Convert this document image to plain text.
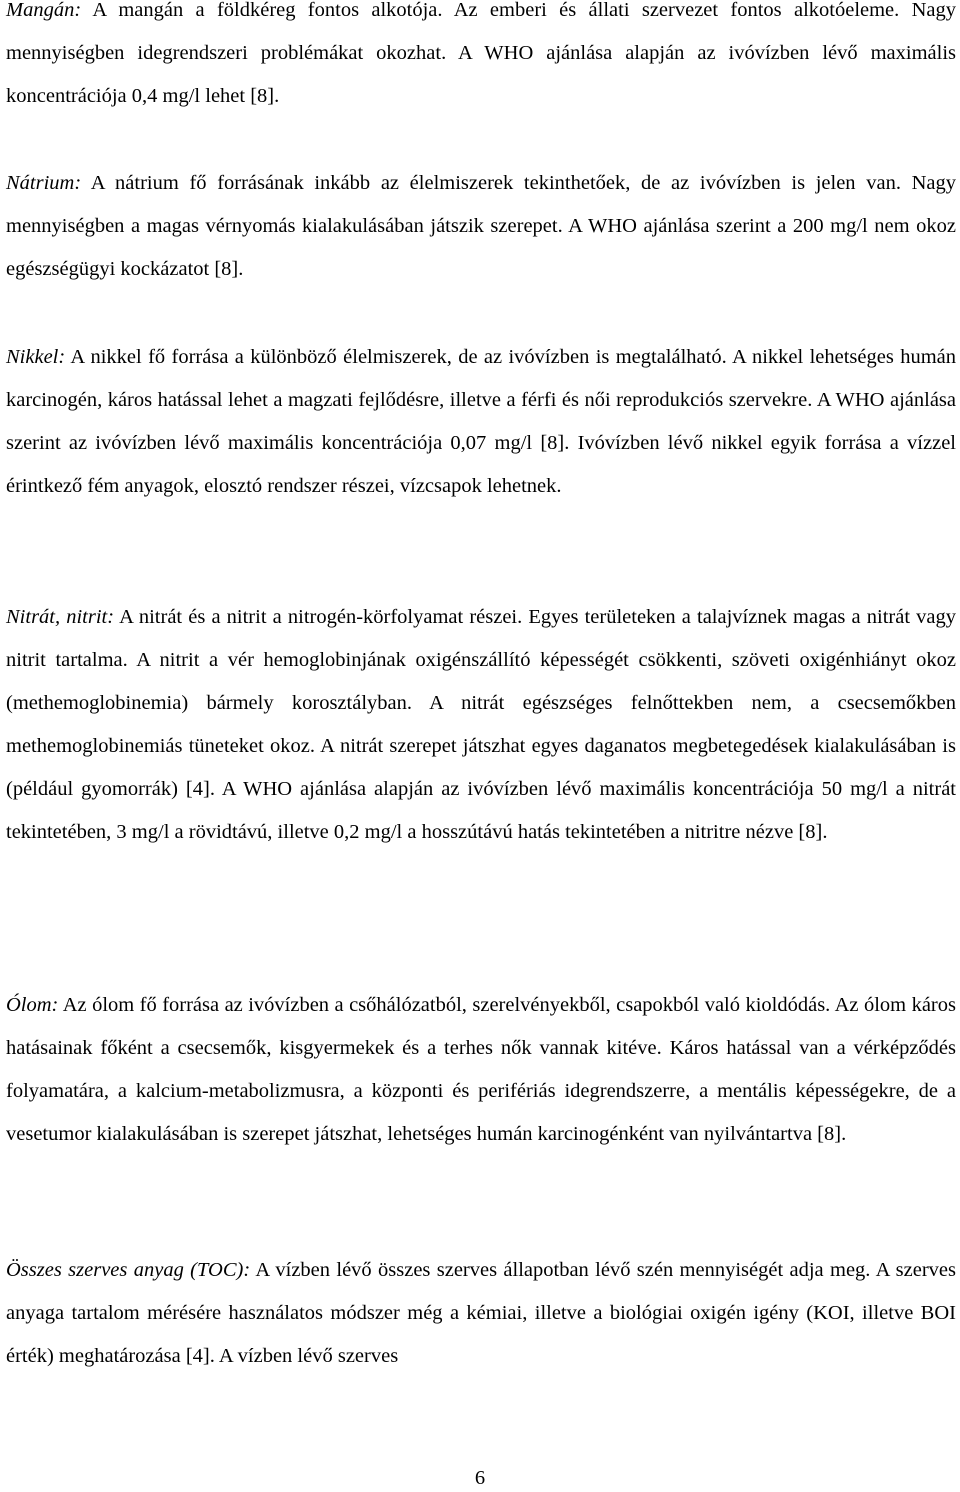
Mangán: A mangán a földkéreg fontos alkotója. Az emberi és állati szervezet fontos alkotóeleme. Nagy mennyiségben idegrendszeri problémákat okozhat. A WHO ajánlása alapján az ivóvízben lévő maximális koncentrációja 0,4 mg/l lehet [8].

Nátrium: A nátrium fő forrásának inkább az élelmiszerek tekinthetőek, de az ivóvízben is jelen van. Nagy mennyiségben a magas vérnyomás kialakulásában játszik szerepet. A WHO ajánlása szerint a 200 mg/l nem okoz egészségügyi kockázatot [8].

Nikkel: A nikkel fő forrása a különböző élelmiszerek, de az ivóvízben is megtalálható. A nikkel lehetséges humán karcinogén, káros hatással lehet a magzati fejlődésre, illetve a férfi és női reprodukciós szervekre. A WHO ajánlása szerint az ivóvízben lévő maximális koncentrációja 0,07 mg/l [8]. Ivóvízben lévő nikkel egyik forrása a vízzel érintkező fém anyagok, elosztó rendszer részei, vízcsapok lehetnek.

Nitrát, nitrit: A nitrát és a nitrit a nitrogén-körfolyamat részei. Egyes területeken a talajvíznek magas a nitrát vagy nitrit tartalma. A nitrit a vér hemoglobinjának oxigénszállító képességét csökkenti, szöveti oxigénhiányt okoz (methemoglobinemia) bármely korosztályban. A nitrát egészséges felnőttekben nem, a csecsemőkben methemoglobinemiás tüneteket okoz. A nitrát szerepet játszhat egyes daganatos megbetegedések kialakulásában is (például gyomorrák) [4]. A WHO ajánlása alapján az ivóvízben lévő maximális koncentrációja 50 mg/l a nitrát tekintetében, 3 mg/l a rövidtávú, illetve 0,2 mg/l a hosszútávú hatás tekintetében a nitritre nézve [8].

Ólom: Az ólom fő forrása az ivóvízben a csőhálózatból, szerelvényekből, csapokból való kioldódás. Az ólom káros hatásainak főként a csecsemők, kisgyermekek és a terhes nők vannak kitéve. Káros hatással van a vérképződés folyamatára, a kalcium-metabolizmusra, a központi és perifériás idegrendszerre, a mentális képességekre, de a vesetumor kialakulásában is szerepet játszhat, lehetséges humán karcinogénként van nyilvántartva [8].

Összes szerves anyag (TOC): A vízben lévő összes szerves állapotban lévő szén mennyiségét adja meg. A szerves anyaga tartalom mérésére használatos módszer még a kémiai, illetve a biológiai oxigén igény (KOI, illetve BOI érték) meghatározása [4]. A vízben lévő szerves

6
